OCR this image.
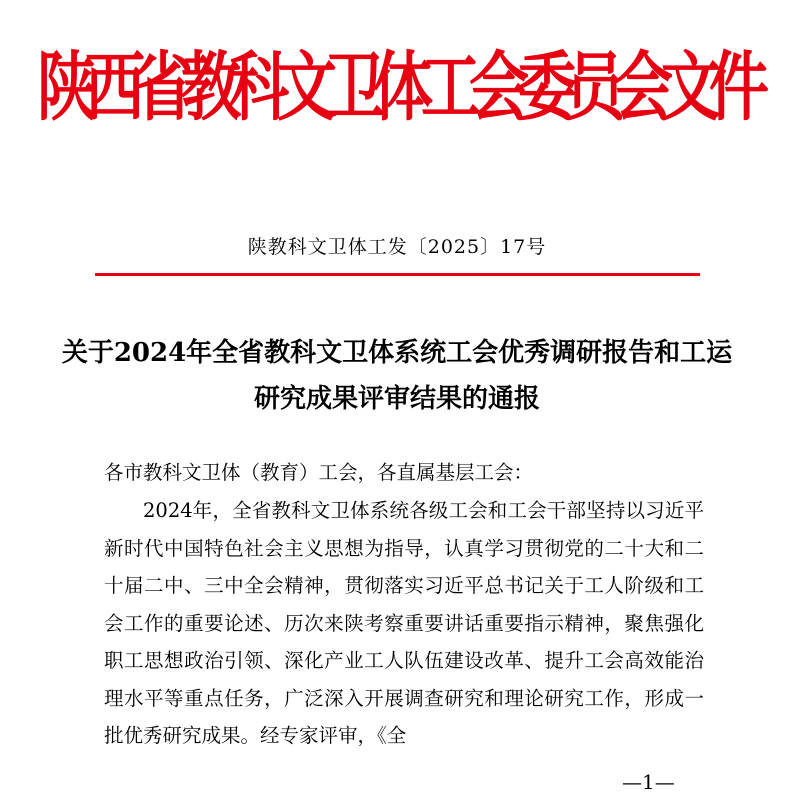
陕西省教科文卫体工会委员会文件
陕教科文卫体工发〔2025〕17号
关于2024年全省教科文卫体系统工会优秀调研报告和工运研究成果评审结果的通报
各市教科文卫体（教育）工会，各直属基层工会：
2024年，全省教科文卫体系统各级工会和工会干部坚持以习近平新时代中国特色社会主义思想为指导，认真学习贯彻党的二十大和二十届二中、三中全会精神，贯彻落实习近平总书记关于工人阶级和工会工作的重要论述、历次来陕考察重要讲话重要指示精神，聚焦强化职工思想政治引领、深化产业工人队伍建设改革、提升工会高效能治理水平等重点任务，广泛深入开展调查研究和理论研究工作，形成一批优秀研究成果。经专家评审，《全
—1—
